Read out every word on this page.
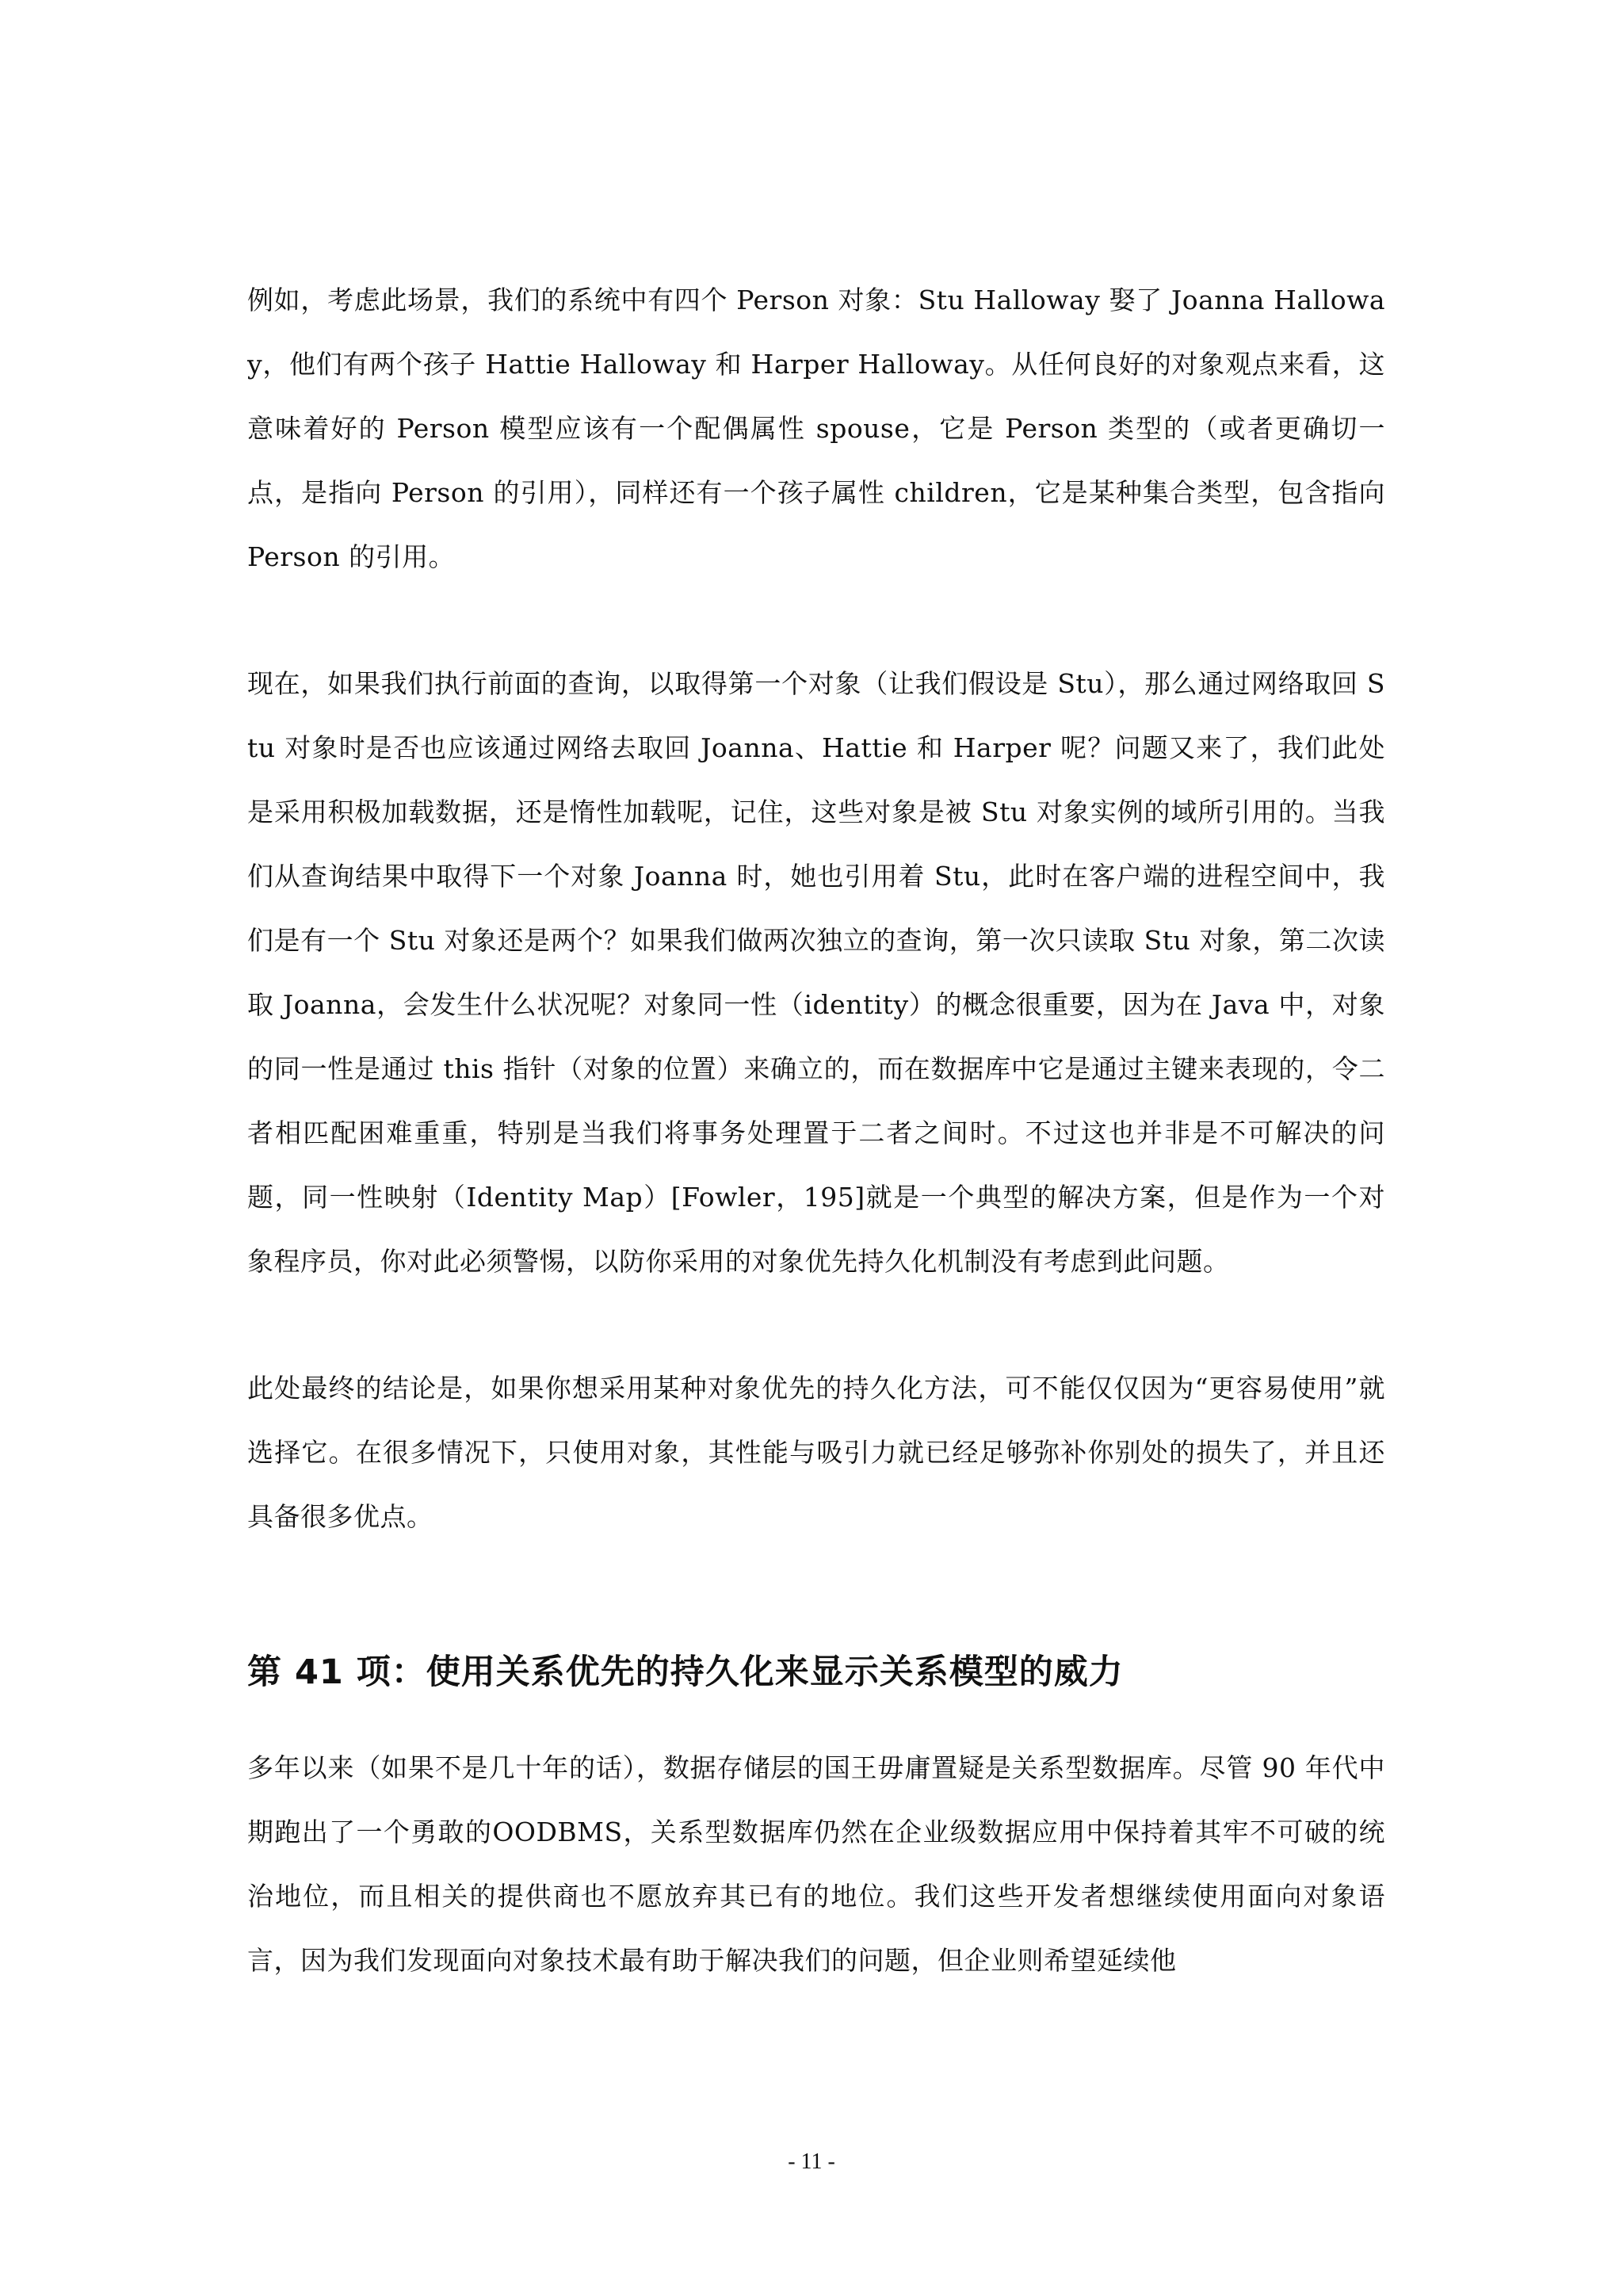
例如，考虑此场景，我们的系统中有四个 Person 对象：Stu Halloway 娶了 Joanna Halloway，他们有两个孩子 Hattie Halloway 和 Harper Halloway。从任何良好的对象观点来看，这意味着好的 Person 模型应该有一个配偶属性 spouse，它是 Person 类型的（或者更确切一点，是指向 Person 的引用），同样还有一个孩子属性 children，它是某种集合类型，包含指向 Person 的引用。

现在，如果我们执行前面的查询，以取得第一个对象（让我们假设是 Stu），那么通过网络取回 Stu 对象时是否也应该通过网络去取回 Joanna、Hattie 和 Harper 呢？问题又来了，我们此处是采用积极加载数据，还是惰性加载呢，记住，这些对象是被 Stu 对象实例的域所引用的。当我们从查询结果中取得下一个对象 Joanna 时，她也引用着 Stu，此时在客户端的进程空间中，我们是有一个 Stu 对象还是两个？如果我们做两次独立的查询，第一次只读取 Stu 对象，第二次读取 Joanna，会发生什么状况呢？对象同一性（identity）的概念很重要，因为在 Java 中，对象的同一性是通过 this 指针（对象的位置）来确立的，而在数据库中它是通过主键来表现的，令二者相匹配困难重重，特别是当我们将事务处理置于二者之间时。不过这也并非是不可解决的问题，同一性映射（Identity Map）[Fowler，195]就是一个典型的解决方案，但是作为一个对象程序员，你对此必须警惕，以防你采用的对象优先持久化机制没有考虑到此问题。

此处最终的结论是，如果你想采用某种对象优先的持久化方法，可不能仅仅因为“更容易使用”就选择它。在很多情况下，只使用对象，其性能与吸引力就已经足够弥补你别处的损失了，并且还具备很多优点。

第 41 项：使用关系优先的持久化来显示关系模型的威力

多年以来（如果不是几十年的话），数据存储层的国王毋庸置疑是关系型数据库。尽管 90 年代中期跑出了一个勇敢的OODBMS，关系型数据库仍然在企业级数据应用中保持着其牢不可破的统治地位，而且相关的提供商也不愿放弃其已有的地位。我们这些开发者想继续使用面向对象语言，因为我们发现面向对象技术最有助于解决我们的问题，但企业则希望延续他

- 11 -
